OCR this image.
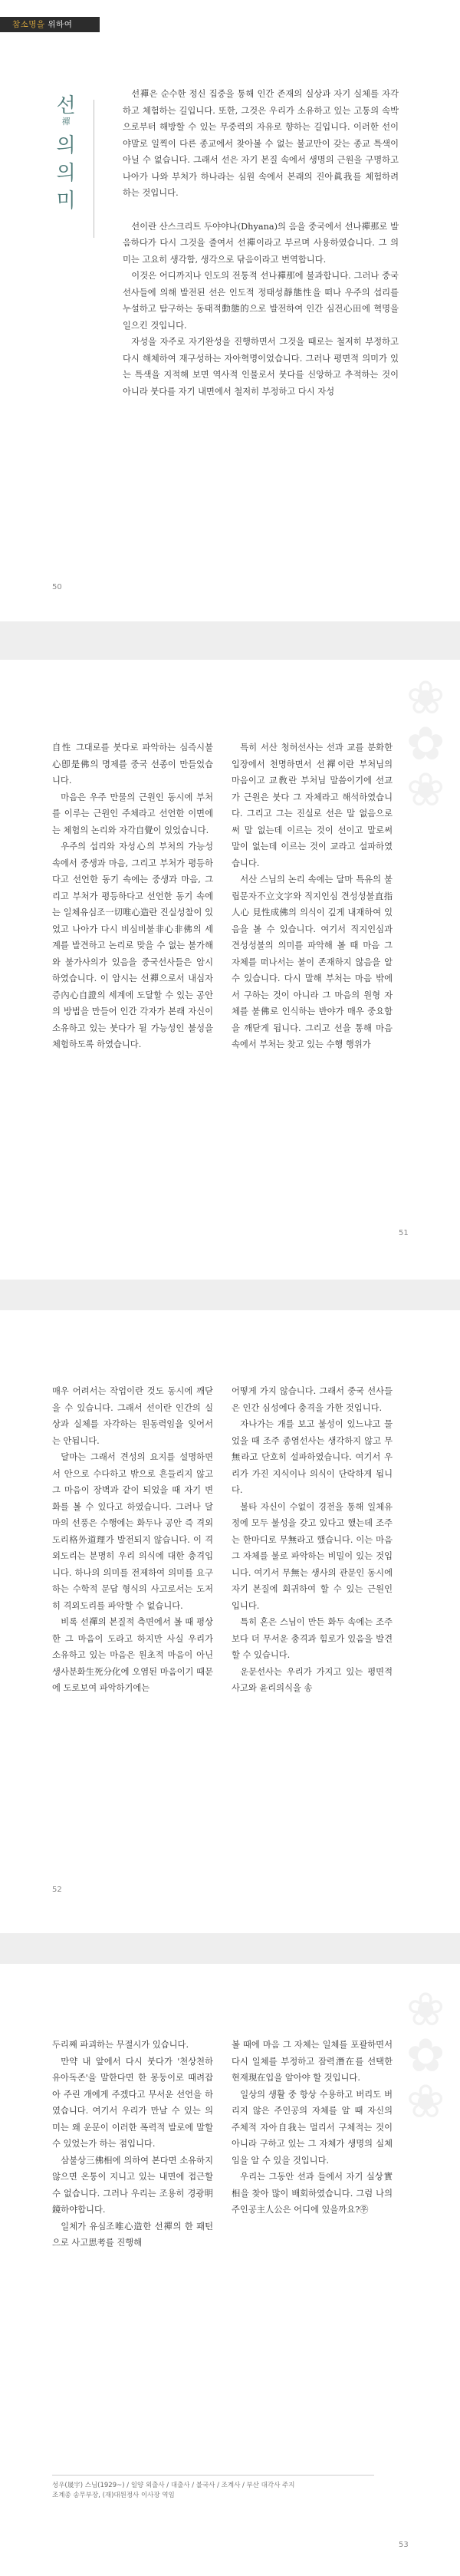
참소명을 위하여
선
禪
의
의
미

선禪은 순수한 정신 집중을 통해 인간 존재의 실상과 자기 실체를 자각하고 체험하는 길입니다. 또한, 그것은 우리가 소유하고 있는 고통의 속박으로부터 해방할 수 있는 무중력의 자유로 향하는 길입니다. 이러한 선이야말로 일찍이 다른 종교에서 찾아볼 수 없는 불교만이 갖는 종교 특색이 아닐 수 없습니다. 그래서 선은 자기 본질 속에서 생명의 근원을 구명하고 나아가 나와 부처가 하나라는 심원 속에서 본래의 진아眞我를 체험하려 하는 것입니다.

선이란 산스크리트 두야야나(Dhyana)의 음을 중국에서 선나禪那로 발음하다가 다시 그것을 줄여서 선禪이라고 부르며 사용하였습니다. 그 의미는 고요히 생각함, 생각으로 닦음이라고 번역합니다.

이것은 어디까지나 인도의 전통적 선나禪那에 불과합니다. 그러나 중국선사들에 의해 발전된 선은 인도적 정태성靜態性을 떠나 우주의 섭리를 누설하고 탐구하는 동태적動態的으로 발전하여 인간 심전心田에 혁명을 일으킨 것입니다.

자성을 자주로 자기완성을 진행하면서 그것을 때로는 철저히 부정하고 다시 해체하여 재구성하는 자아혁명이었습니다. 그러나 평면적 의미가 있는 특색을 지적해 보면 역사적 인물로서 붓다를 신앙하고 추적하는 것이 아니라 붓다를 자기 내면에서 철저히 부정하고 다시 자성

50
❀
✿
❀

自性 그대로를 붓다로 파악하는 심즉시불心卽是佛의 명제를 중국 선종이 만들었습니다.

마음은 우주 만물의 근원인 동시에 부처를 이루는 근원인 주체라고 선언한 이면에는 체험의 논리와 자각自覺이 있었습니다.

우주의 섭리와 자성心의 부처의 가능성 속에서 중생과 마음, 그리고 부처가 평등하다고 선언한 동기 속에는 중생과 마음, 그리고 부처가 평등하다고 선언한 동기 속에는 일체유심조一切唯心造란 진실성찰이 있었고 나아가 다시 비심비불非心非佛의 세계를 발견하고 논리로 맞을 수 없는 불가해와 불가사의가 있음을 중국선사들은 암시하였습니다. 이 암시는 선禪으로서 내심자증內心自證의 세계에 도달할 수 있는 공안의 방법을 만들어 인간 각자가 본래 자신이 소유하고 있는 붓다가 될 가능성인 불성을 체험하도록 하였습니다.

특히 서산 청허선사는 선과 교를 분화한 입장에서 천명하면서 선禪이란 부처님의 마음이고 교敎란 부처님 말씀이기에 선교가 근원은 붓다 그 자체라고 해석하였습니다. 그리고 그는 진실로 선은 말 없음으로써 말 없는데 이르는 것이 선이고 말로써 말이 없는데 이르는 것이 교라고 설파하였습니다.

서산 스님의 논리 속에는 달마 특유의 불립문자不立文字와 직지인심 견성성불直指人心 見性成佛의 의식이 깊게 내재하여 있음을 볼 수 있습니다. 여기서 직지인심과 견성성불의 의미를 파악해 볼 때 마음 그 자체를 떠나서는 불이 존재하지 않음을 알 수 있습니다. 다시 말해 부처는 마음 밖에서 구하는 것이 아니라 그 마음의 원형 자체를 불佛로 인식하는 반야가 매우 중요함을 깨닫게 됩니다. 그리고 선을 통해 마음속에서 부처는 찾고 있는 수행 행위가

51

매우 어려서는 작업이란 것도 동시에 깨닫을 수 있습니다. 그래서 선이란 인간의 실상과 실체를 자각하는 원동력임을 잊어서는 안됩니다.

달마는 그래서 견성의 요지를 설명하면서 안으로 수다하고 밖으로 흔들리지 않고 그 마음이 장벽과 같이 되었을 때 자기 변화를 볼 수 있다고 하였습니다. 그러나 달마의 선풍은 수행에는 화두나 공안 즉 격외도리格外道理가 발전되지 않습니다. 이 격외도리는 분명히 우리 의식에 대한 충격입니다. 하나의 의미를 전제하여 의미를 요구하는 수학적 문답 형식의 사고로서는 도저히 격외도리를 파악할 수 없습니다.

비록 선禪의 본질적 측면에서 볼 때 평상한 그 마음이 도라고 하지만 사실 우리가 소유하고 있는 마음은 원초적 마음이 아닌 생사분화生死分化에 오염된 마음이기 때문에 도로보여 파악하기에는

어떻게 가지 않습니다. 그래서 중국 선사들은 인간 심성에다 충격을 가한 것입니다.

자나가는 개를 보고 불성이 있느냐고 물었을 때 조주 종염선사는 생각하지 않고 무無라고 단호히 설파하였습니다. 여기서 우리가 가진 지식이나 의식이 단락하게 됩니다.

불타 자신이 수없이 경전을 통해 일체유정에 모두 불성을 갖고 있다고 했는데 조주는 한마디로 무無라고 했습니다. 이는 마음 그 자체를 불로 파악하는 비밀이 있는 것입니다. 여기서 무無는 생사의 관문인 동시에 자기 본질에 회귀하여 할 수 있는 근원인 입니다.

특히 혼은 스님이 만든 화두 속에는 조주보다 더 무서운 충격과 힘로가 있음을 발견할 수 있습니다.

운문선사는 우리가 가지고 있는 평면적 사고와 윤리의식을 송

52
❀
✿
❀

두리째 파괴하는 무절시가 있습니다.

만약 내 앞에서 다시 붓다가 '천상천하 유아독존'을 말한다면 한 몽둥이로 때려잡아 주린 개에게 주겠다고 무서운 선언을 하였습니다. 여기서 우리가 만날 수 있는 의미는 왜 운문이 이러한 폭력적 발로에 말할 수 있었는가 하는 점입니다.

삼불상三佛相에 의하여 본다면 소유하지 않으면 온통이 지니고 있는 내면에 접근할 수 없습니다. 그러나 우리는 조용히 경광明鏡하야합니다.

일체가 유심조唯心造한 선禪의 한 패턴으로 사고思考를 진행해

볼 때에 마음 그 자체는 일체를 포괄하면서 다시 일체를 부정하고 잠력潛在를 선택한 현재現在입을 알아야 할 것입니다.

일상의 생활 중 항상 수용하고 버리도 버리지 않은 주인공의 자체를 알 때 자신의 주체적 자아自我는 멀리서 구체적는 것이 아니라 구하고 있는 그 자체가 생명의 실체임을 알 수 있을 것입니다.

우리는 그동안 선과 들에서 자기 실상實相을 찾아 많이 배회하였습니다. 그럼 나의 주인공主人公은 어디에 있을까요?㉾

성우(晟宇) 스님(1929~) / 일양 외출사 / 대출사 / 불국사 / 조계사 / 부산 대각사 주지
조계종 송무부장, (재)대원정사 이사장 역임
53
